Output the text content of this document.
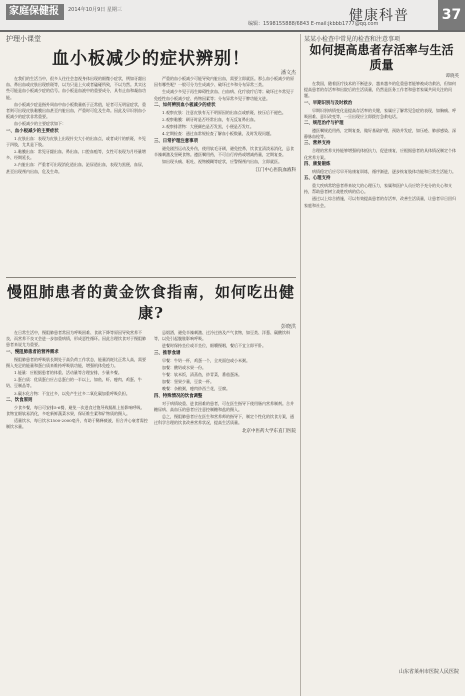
家庭保健报	2014年10月9日 星期三
编辑：1598155888/6843 E-mail:jkbbb1777@qq.com
健康科普 37

护理小课堂

血小板减少的症状辨别！

潘文杰

在我们的生活当中，很多人往往会忽视身体出现的细微小症状，例如牙龈出血、鼻出血或皮肤出现瘀斑等，以为只是上火或者磕碰所致，不以为然。其实这些可能是血小板减少症的信号。血小板是血液中的重要成分，具有止血和凝血功能。

血小板减少症是指外周血中血小板数量低于正常值，轻者可无明显症状，重者则可出现皮肤黏膜出血甚至内脏出血，严重时可危及生命。因此及早识别血小板减少的症状非常重要。

血小板减少的主要症状如下：

一、血小板减少的主要症状

1.皮肤出血：表现为皮肤上出现针尖大小的出血点，或者成片的瘀斑，多见于四肢，尤其是下肢。

2.黏膜出血：常见牙龈出血、鼻出血、口腔血疱等，女性可表现为月经量增多、经期延长。

3.内脏出血：严重者可出现消化道出血、泌尿道出血，表现为黑便、血尿，甚至出现颅内出血，危及生命。

严重的血小板减少可能导致内脏出血，需要立即就医。那么血小板减少的原因有哪些呢？一般可分为生成减少、破坏过多和分布异常三类。

生成减少多见于再生障碍性贫血、白血病、化疗放疗后等；破坏过多常见于免疫性血小板减少症、药物因素等；分布异常多见于脾功能亢进。

二、如何辨别血小板减少的症状

1.观察皮肤：注意皮肤有无不明原因的出血点或瘀斑，按压后不褪色。

2.观察黏膜：刷牙时是否经常出血，有无反复鼻出血。

3.观察排泄物：大便颜色是否发黑，小便是否发红。

4.定期检查：通过血常规检查了解血小板数量，及时发现问题。

三、日常护理注意事项

避免剧烈运动及外伤，使用软毛牙刷，避免挖鼻，饮食宜清淡易消化，忌食辛辣刺激及坚硬食物。遵医嘱用药，不可自行停药或增减药量，定期复查。

如出现头痛、呕吐、视物模糊等症状，应警惕颅内出血，立即就医。

江门中心医院血液科

慢阻肺患者的黄金饮食指南，如何吃出健康?

彭晓洪

在日常生活中，慢阻肺患者常因为呼吸困难、食欲下降等原因导致营养不良，而营养不良又会进一步加重病情，形成恶性循环。因此合理饮食对于慢阻肺患者来说尤为重要。

一、慢阻肺患者的营养需求

慢阻肺患者的呼吸肌长期处于高负荷工作状态，能量消耗比正常人高，需要摄入充足的能量和蛋白质来维持呼吸肌功能，增强机体免疫力。

1.能量：应根据患者的体重、活动量等合理安排，少量多餐。

2.蛋白质：优质蛋白应占总蛋白的一半以上，如鱼、虾、瘦肉、鸡蛋、牛奶、豆制品等。

3.碳水化合物：不宜过多，以免产生过多二氧化碳加重呼吸负担。

二、饮食原则

少食多餐，每日可安排5-6餐，避免一次进食过饱导致膈肌上抬影响呼吸。食物宜细软易消化，多吃新鲜蔬菜水果，保证维生素和矿物质的摄入。

适量饮水，每日饮水1500-2000毫升，有助于稀释痰液，但合并心衰者需控制饮水量。

忌烟酒，避免辛辣刺激、过冷过热及产气食物，如豆类、洋葱、碳酸饮料等，以免引起腹胀影响呼吸。

进餐时保持坐位或半坐位，细嚼慢咽，餐后不宜立即平卧。

三、推荐食谱

早餐：牛奶一杯，鸡蛋一个，全麦面包或小米粥。

加餐：酸奶或水果一份。

午餐：软米饭，清蒸鱼，炒青菜，番茄蛋汤。

加餐：坚果少量，豆浆一杯。

晚餐：杂粮粥，瘦肉炒西兰花，豆腐。

四、特殊情况的饮食调整

对于病情较重、进食困难的患者，可在医生指导下使用肠内营养制剂。合并糖尿病、高血压的患者应注意控制糖和盐的摄入。

总之，慢阻肺患者应在医生和营养师的指导下，制定个性化的饮食方案，通过科学合理的饮食改善营养状况，提高生活质量。

北京中医药大学东直门医院

某某小检查中常见的检查和注意事项

如何提高患者存活率与生活质量

谭晓英

在我国，随着医疗技术的不断进步，越来越多的危重患者能够被成功救治，但如何提高患者的存活率和出院后的生活质量，仍然是医务工作者和患者家属共同关注的问题。

一、早期识别与及时救治

早期识别病情变化是提高存活率的关键，家属应了解常见急症的表现，如胸痛、呼吸困难、意识改变等，一旦出现应立即拨打急救电话。

二、规范治疗与护理

遵医嘱规范用药，定期复查，做好基础护理，预防并发症，如压疮、肺部感染、深静脉血栓等。

三、营养支持

合理的营养支持能够增强机体抵抗力，促进康复，应根据患者的具体情况制定个体化营养方案。

四、康复锻炼

病情稳定后应尽早开始康复训练，循序渐进，逐步恢复肢体功能和日常生活能力。

五、心理支持

重大疾病常给患者带来较大的心理压力，家属和医护人员应给予充分的关心和支持，帮助患者树立战胜疾病的信心。

通过以上综合措施，可以有效提高患者的存活率，改善生活质量，让患者早日回归家庭和社会。

山东省莱州市医院人民医院
